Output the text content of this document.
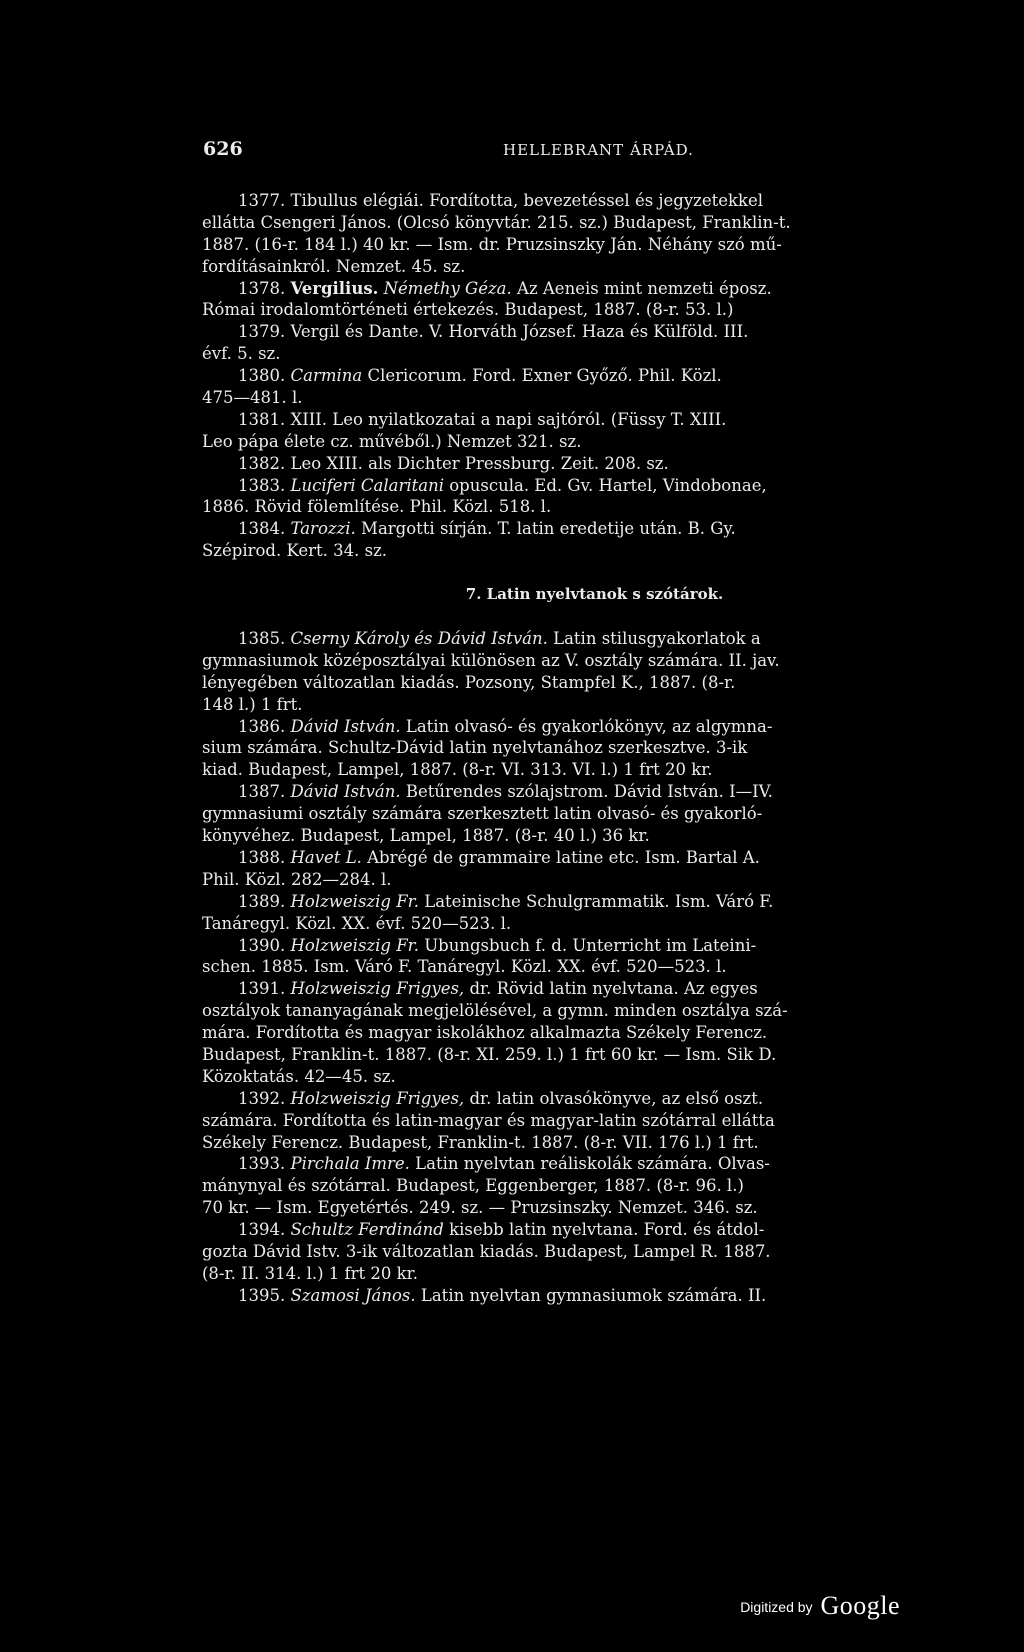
626	HELLEBRANT ÁRPÁD.
1377. Tibullus elégiái. Fordította, bevezetéssel és jegyzetekkel
ellátta Csengeri János. (Olcsó könyvtár. 215. sz.) Budapest, Franklin-t.
1887. (16-r. 184 l.) 40 kr. — Ism. dr. Pruzsinszky Ján. Néhány szó mű-
fordításainkról. Nemzet. 45. sz.
1378. Vergilius. Némethy Géza. Az Aeneis mint nemzeti éposz.
Római irodalomtörténeti értekezés. Budapest, 1887. (8-r. 53. l.)
1379. Vergil és Dante. V. Horváth József. Haza és Külföld. III.
évf. 5. sz.
1380. Carmina Clericorum. Ford. Exner Győző. Phil. Közl.
475—481. l.
1381. XIII. Leo nyilatkozatai a napi sajtóról. (Füssy T. XIII.
Leo pápa élete cz. művéből.) Nemzet 321. sz.
1382. Leo XIII. als Dichter Pressburg. Zeit. 208. sz.
1383. Luciferi Calaritani opuscula. Ed. Gv. Hartel, Vindobonae,
1886. Rövid fölemlítése. Phil. Közl. 518. l.
1384. Tarozzi. Margotti sírján. T. latin eredetije után. B. Gy.
Szépirod. Kert. 34. sz.
7. Latin nyelvtanok s szótárok.
1385. Cserny Károly és Dávid István. Latin stilusgyakorlatok a
gymnasiumok középosztályai különösen az V. osztály számára. II. jav.
lényegében változatlan kiadás. Pozsony, Stampfel K., 1887. (8-r.
148 l.) 1 frt.
1386. Dávid István. Latin olvasó- és gyakorlókönyv, az algymna-
sium számára. Schultz-Dávid latin nyelvtanához szerkesztve. 3-ik
kiad. Budapest, Lampel, 1887. (8-r. VI. 313. VI. l.) 1 frt 20 kr.
1387. Dávid István. Betűrendes szólajstrom. Dávid István. I—IV.
gymnasiumi osztály számára szerkesztett latin olvasó- és gyakorló-
könyvéhez. Budapest, Lampel, 1887. (8-r. 40 l.) 36 kr.
1388. Havet L. Abrégé de grammaire latine etc. Ism. Bartal A.
Phil. Közl. 282—284. l.
1389. Holzweiszig Fr. Lateinische Schulgrammatik. Ism. Váró F.
Tanáregyl. Közl. XX. évf. 520—523. l.
1390. Holzweiszig Fr. Ubungsbuch f. d. Unterricht im Lateini-
schen. 1885. Ism. Váró F. Tanáregyl. Közl. XX. évf. 520—523. l.
1391. Holzweiszig Frigyes, dr. Rövid latin nyelvtana. Az egyes
osztályok tananyagának megjelölésével, a gymn. minden osztálya szá-
mára. Fordította és magyar iskolákhoz alkalmazta Székely Ferencz.
Budapest, Franklin-t. 1887. (8-r. XI. 259. l.) 1 frt 60 kr. — Ism. Sik D.
Közoktatás. 42—45. sz.
1392. Holzweiszig Frigyes, dr. latin olvasókönyve, az első oszt.
számára. Fordította és latin-magyar és magyar-latin szótárral ellátta
Székely Ferencz. Budapest, Franklin-t. 1887. (8-r. VII. 176 l.) 1 frt.
1393. Pirchala Imre. Latin nyelvtan reáliskolák számára. Olvas-
mánynyal és szótárral. Budapest, Eggenberger, 1887. (8-r. 96. l.)
70 kr. — Ism. Egyetértés. 249. sz. — Pruzsinszky. Nemzet. 346. sz.
1394. Schultz Ferdinánd kisebb latin nyelvtana. Ford. és átdol-
gozta Dávid Istv. 3-ik változatlan kiadás. Budapest, Lampel R. 1887.
(8-r. II. 314. l.) 1 frt 20 kr.
1395. Szamosi János. Latin nyelvtan gymnasiumok számára. II.
Digitized by Google
